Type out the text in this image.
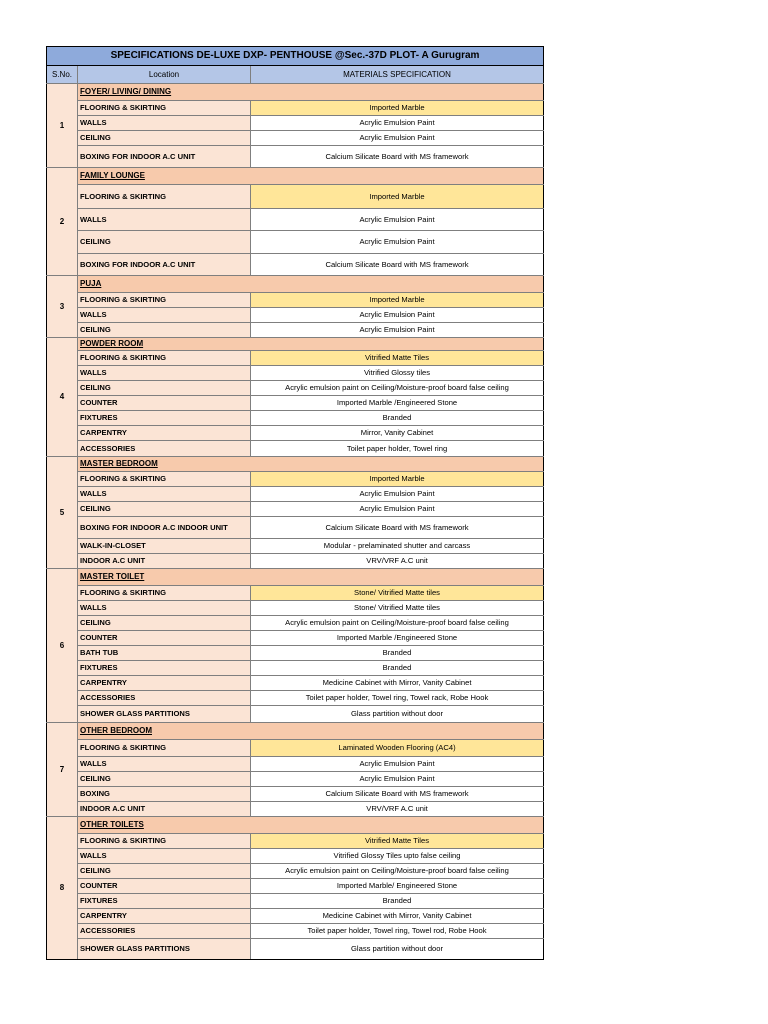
SPECIFICATIONS DE-LUXE DXP- PENTHOUSE @Sec.-37D PLOT- A Gurugram		
S.No.	Location	MATERIALS SPECIFICATION
1	FOYER/ LIVING/ DINING	
	FLOORING & SKIRTING	Imported Marble
	WALLS	Acrylic Emulsion Paint
	CEILING	Acrylic Emulsion Paint
	BOXING FOR INDOOR A.C UNIT	Calcium Silicate Board with MS framework
2	FAMILY LOUNGE	
	FLOORING & SKIRTING	Imported Marble
	WALLS	Acrylic Emulsion Paint
	CEILING	Acrylic Emulsion Paint
	BOXING FOR INDOOR A.C UNIT	Calcium Silicate Board with MS framework
3	PUJA	
	FLOORING & SKIRTING	Imported Marble
	WALLS	Acrylic Emulsion Paint
	CEILING	Acrylic Emulsion Paint
4	POWDER ROOM	
	FLOORING & SKIRTING	Vitrified Matte Tiles
	WALLS	Vitrified Glossy tiles
	CEILING	Acrylic emulsion paint on Ceiling/Moisture-proof board false ceiling
	COUNTER	Imported Marble /Engineered Stone
	FIXTURES	Branded
	CARPENTRY	Mirror, Vanity Cabinet
	ACCESSORIES	Toilet paper holder, Towel ring
5	MASTER BEDROOM	
	FLOORING & SKIRTING	Imported Marble
	WALLS	Acrylic Emulsion Paint
	CEILING	Acrylic Emulsion Paint
	BOXING FOR INDOOR A.C INDOOR UNIT	Calcium Silicate Board with MS framework
	WALK-IN-CLOSET	Modular - prelaminated shutter and carcass
	INDOOR A.C UNIT	VRV/VRF A.C unit
6	MASTER TOILET	
	FLOORING & SKIRTING	Stone/ Vitrified Matte tiles
	WALLS	Stone/ Vitrified Matte tiles
	CEILING	Acrylic emulsion paint on Ceiling/Moisture-proof board false ceiling
	COUNTER	Imported Marble /Engineered Stone
	BATH TUB	Branded
	FIXTURES	Branded
	CARPENTRY	Medicine Cabinet with Mirror, Vanity Cabinet
	ACCESSORIES	Toilet paper holder, Towel ring, Towel rack, Robe Hook
	SHOWER GLASS PARTITIONS	Glass partition without door
7	OTHER BEDROOM	
	FLOORING & SKIRTING	Laminated Wooden Flooring (AC4)
	WALLS	Acrylic Emulsion Paint
	CEILING	Acrylic Emulsion Paint
	BOXING	Calcium Silicate Board with MS framework
	INDOOR A.C UNIT	VRV/VRF A.C unit
8	OTHER TOILETS	
	FLOORING & SKIRTING	Vitrified Matte Tiles
	WALLS	Vitrified Glossy Tiles upto false ceiling
	CEILING	Acrylic emulsion paint on Ceiling/Moisture-proof board false ceiling
	COUNTER	Imported Marble/ Engineered Stone
	FIXTURES	Branded
	CARPENTRY	Medicine Cabinet with Mirror, Vanity Cabinet
	ACCESSORIES	Toilet paper holder, Towel ring, Towel rod, Robe Hook
	SHOWER GLASS PARTITIONS	Glass partition without door
